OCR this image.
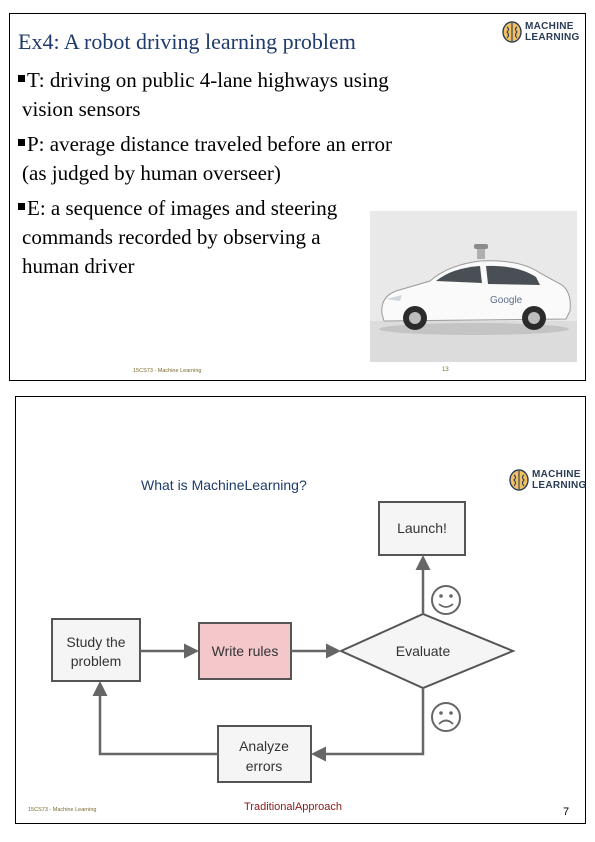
Ex4: A robot driving learning problem
MACHINE
LEARNING
T: driving on public 4-lane highways using
vision sensors
P: average distance traveled before an error
(as judged by human overseer)
E: a sequence of images and steering
commands recorded by observing a
human driver
Google
15CS73 - Machine Learning	13
What is MachineLearning?
MACHINE
LEARNING
Study the
problem
Write rules	Evaluate
Launch!
Analyze
errors
TraditionalApproach
15CS73 - Machine Learning	7
